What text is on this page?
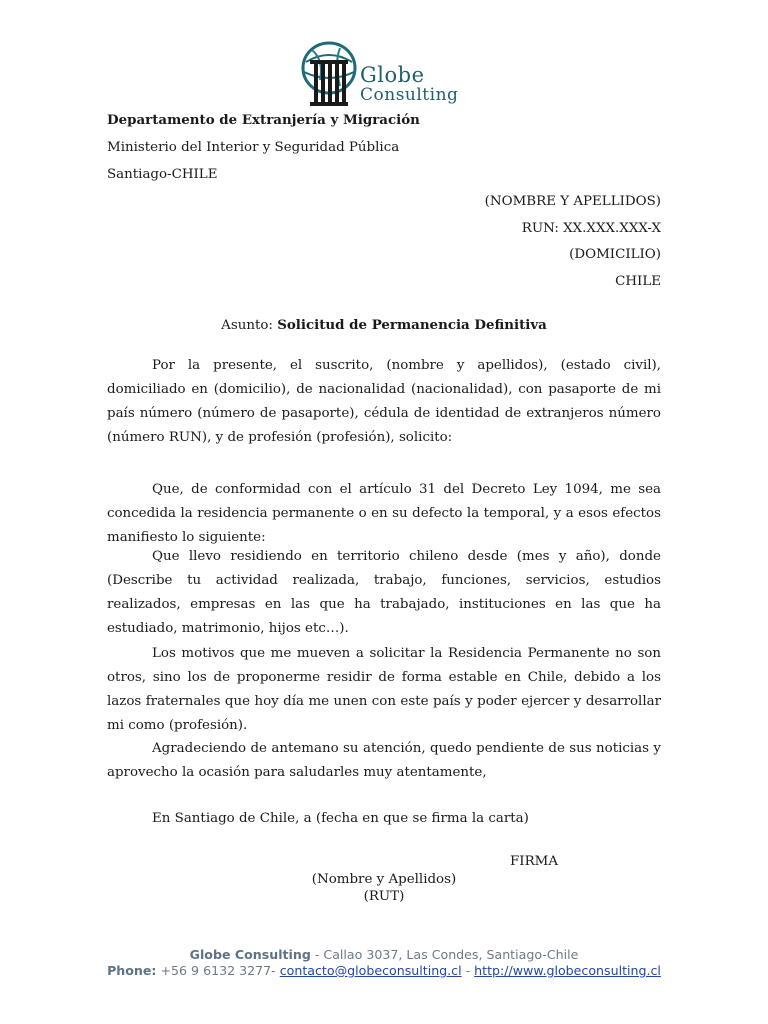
Globe
Consulting
Departamento de Extranjería y Migración
Ministerio del Interior y Seguridad Pública
Santiago-CHILE
(NOMBRE Y APELLIDOS)
RUN: XX.XXX.XXX-X
(DOMICILIO)
CHILE
Asunto: Solicitud de Permanencia Definitiva
Por la presente, el suscrito, (nombre y apellidos), (estado civil), domiciliado en (domicilio), de nacionalidad (nacionalidad), con pasaporte de mi país número (número de pasaporte), cédula de identidad de extranjeros número (número RUN), y de profesión (profesión), solicito:
Que, de conformidad con el artículo 31 del Decreto Ley 1094, me sea concedida la residencia permanente o en su defecto la temporal, y a esos efectos manifiesto lo siguiente:
Que llevo residiendo en territorio chileno desde (mes y año), donde (Describe tu actividad realizada, trabajo, funciones, servicios, estudios realizados, empresas en las que ha trabajado, instituciones en las que ha estudiado, matrimonio, hijos etc…).
Los motivos que me mueven a solicitar la Residencia Permanente no son otros, sino los de proponerme residir de forma estable en Chile, debido a los lazos fraternales que hoy día me unen con este país y poder ejercer y desarrollar mi como (profesión).
Agradeciendo de antemano su atención, quedo pendiente de sus noticias y aprovecho la ocasión para saludarles muy atentamente,
En Santiago de Chile, a (fecha en que se firma la carta)
FIRMA
(Nombre y Apellidos)
(RUT)
Globe Consulting - Callao 3037, Las Condes, Santiago-Chile
Phone: +56 9 6132 3277- contacto@globeconsulting.cl - http://www.globeconsulting.cl
